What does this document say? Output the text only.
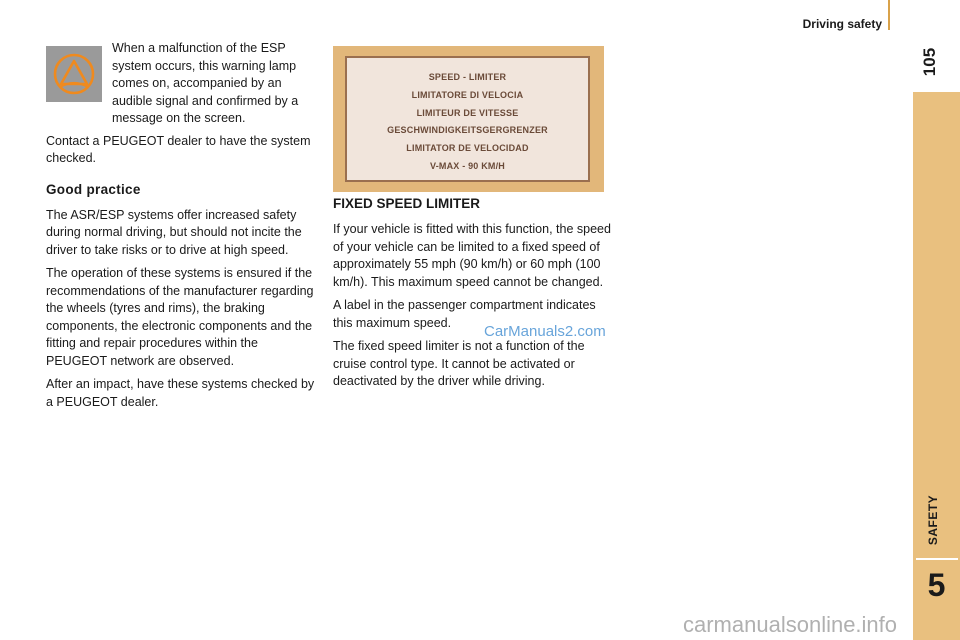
Driving safety
105
SAFETY
5

When a malfunction of the ESP system occurs, this warning lamp comes on, accompanied by an audible signal and confirmed by a message on the screen.

Contact a PEUGEOT dealer to have the system checked.

Good practice

The ASR/ESP systems offer increased safety during normal driving, but should not incite the driver to take risks or to drive at high speed.

The operation of these systems is ensured if the recommendations of the manufacturer regarding the wheels (tyres and rims), the braking components, the electronic components and the fitting and repair procedures within the PEUGEOT network are observed.

After an impact, have these systems checked by a PEUGEOT dealer.

SPEED - LIMITER
LIMITATORE DI VELOCIA
LIMITEUR DE VITESSE
GESCHWINDIGKEITSGERGRENZER
LIMITATOR DE VELOCIDAD
V-MAX - 90 KM/H
FIXED SPEED LIMITER

If your vehicle is fitted with this function, the speed of your vehicle can be limited to a fixed speed of approximately 55 mph (90 km/h) or 60 mph (100 km/h). This maximum speed cannot be changed.

A label in the passenger compartment indicates this maximum speed.

The fixed speed limiter is not a function of the cruise control type. It cannot be activated or deactivated by the driver while driving.

CarManuals2.com
carmanualsonline.info
